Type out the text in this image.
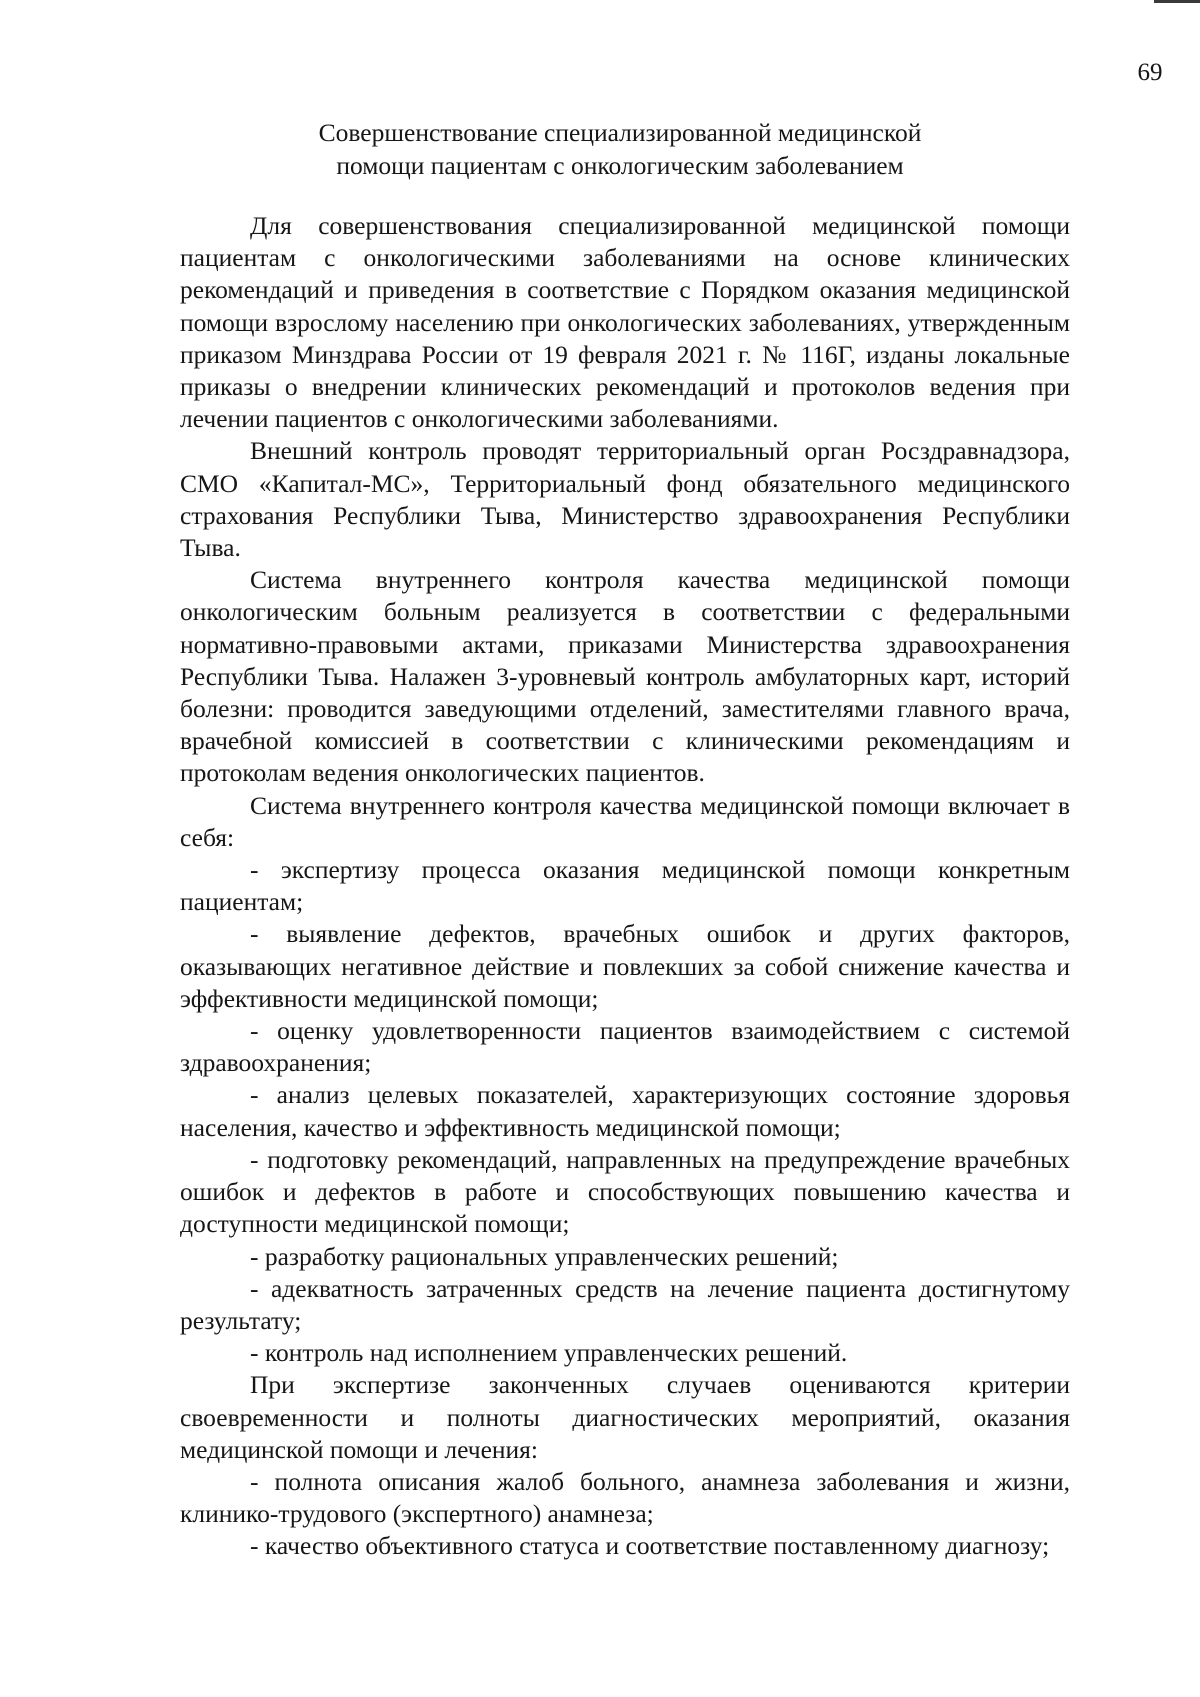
69
Совершенствование специализированной медицинской
помощи пациентам с онкологическим заболеванием

Для совершенствования специализированной медицинской помощи пациентам с онкологическими заболеваниями на основе клинических рекомендаций и приведения в соответствие с Порядком оказания медицинской помощи взрослому населению при онкологических заболеваниях, утвержденным приказом Минздрава России от 19 февраля 2021 г. № 116Г, изданы локальные приказы о внедрении клинических рекомендаций и протоколов ведения при лечении пациентов с онкологическими заболеваниями.

Внешний контроль проводят территориальный орган Росздравнадзора, СМО «Капитал-МС», Территориальный фонд обязательного медицинского страхования Республики Тыва, Министерство здравоохранения Республики Тыва.

Система внутреннего контроля качества медицинской помощи онкологическим больным реализуется в соответствии с федеральными нормативно-правовыми актами, приказами Министерства здравоохранения Республики Тыва. Налажен 3-уровневый контроль амбулаторных карт, историй болезни: проводится заведующими отделений, заместителями главного врача, врачебной комиссией в соответствии с клиническими рекомендациям и протоколам ведения онкологических пациентов.

Система внутреннего контроля качества медицинской помощи включает в себя:

- экспертизу процесса оказания медицинской помощи конкретным пациентам;

- выявление дефектов, врачебных ошибок и других факторов, оказывающих негативное действие и повлекших за собой снижение качества и эффективности медицинской помощи;

- оценку удовлетворенности пациентов взаимодействием с системой здравоохранения;

- анализ целевых показателей, характеризующих состояние здоровья населения, качество и эффективность медицинской помощи;

- подготовку рекомендаций, направленных на предупреждение врачебных ошибок и дефектов в работе и способствующих повышению качества и доступности медицинской помощи;

- разработку рациональных управленческих решений;

- адекватность затраченных средств на лечение пациента достигнутому результату;

- контроль над исполнением управленческих решений.

При экспертизе законченных случаев оцениваются критерии своевременности и полноты диагностических мероприятий, оказания медицинской помощи и лечения:

- полнота описания жалоб больного, анамнеза заболевания и жизни, клинико-трудового (экспертного) анамнеза;

- качество объективного статуса и соответствие поставленному диагнозу;
